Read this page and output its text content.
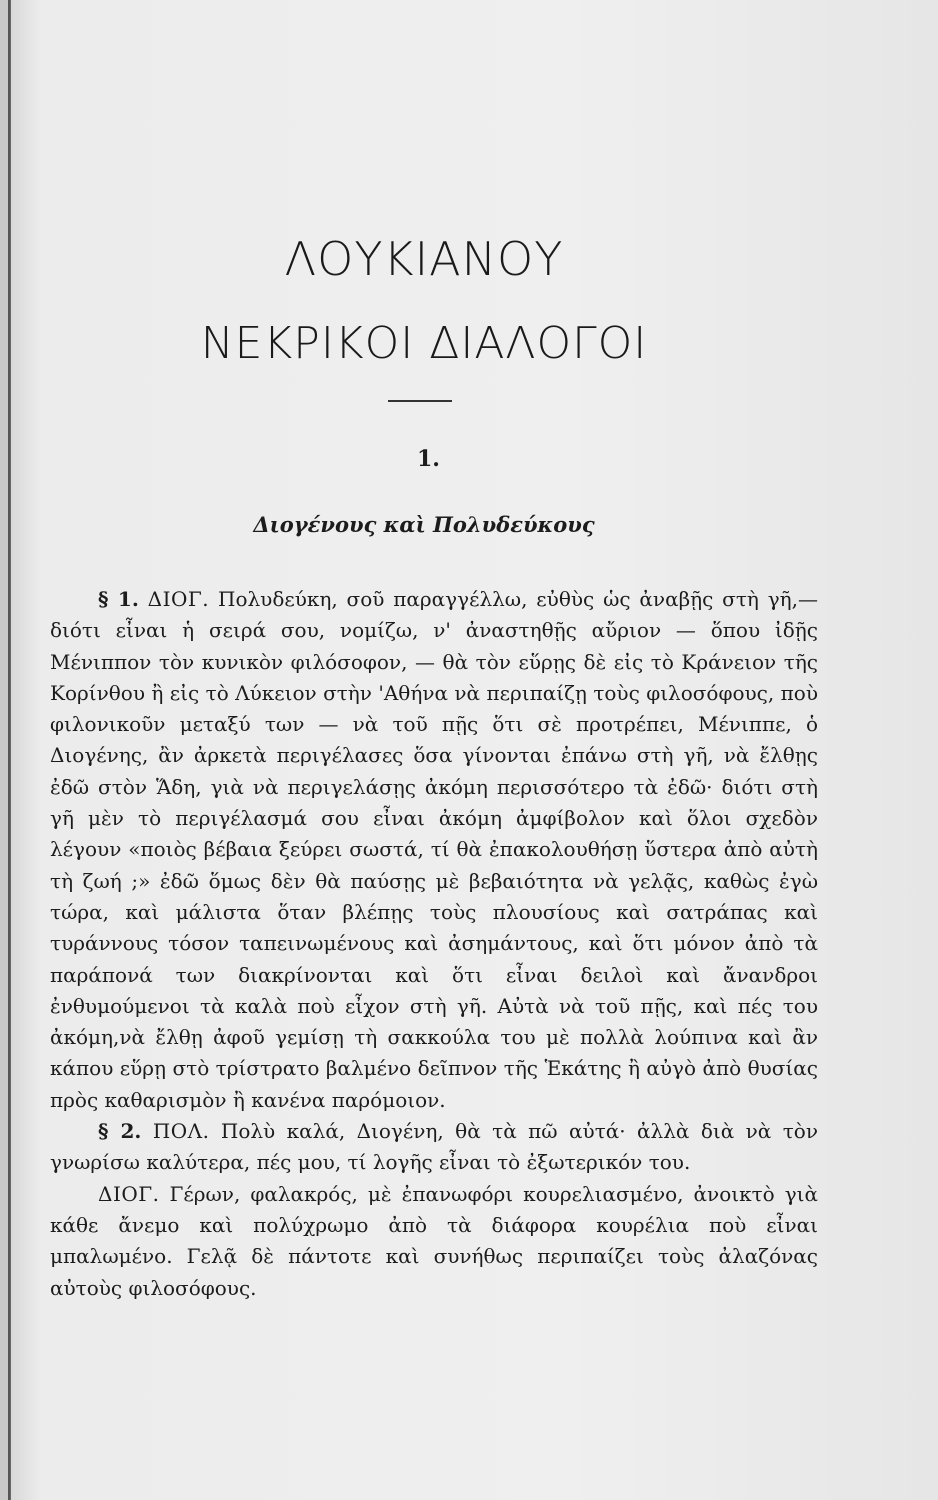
ΛΟΥΚΙΑΝΟΥ
ΝΕΚΡΙΚΟΙ ΔΙΑΛΟΓΟΙ
1.
Διογένους καὶ Πολυδεύκους

§ 1. ΔΙΟΓ. Πολυδεύκη, σοῦ παραγγέλλω, εὐθὺς ὡς ἀναβῇς στὴ γῆ,—διότι εἶναι ἡ σειρά σου, νομίζω, ν' ἀναστηθῇς αὔριον — ὅπου ἰδῇς Μένιππον τὸν κυνικὸν φιλόσοφον, — θὰ τὸν εὕρῃς δὲ εἰς τὸ Κράνειον τῆς Κορίνθου ἢ εἰς τὸ Λύκειον στὴν 'Αθήνα νὰ περιπαίζῃ τοὺς φιλοσόφους, ποὺ φιλονικοῦν μεταξύ των — νὰ τοῦ πῇς ὅτι σὲ προτρέπει, Μένιππε, ὁ Διογένης, ἂν ἀρκετὰ περιγέλασες ὅσα γίνονται ἐπάνω στὴ γῆ, νὰ ἔλθῃς ἐδῶ στὸν Ἅδη, γιὰ νὰ περιγελάσῃς ἀκόμη περισσότερο τὰ ἐδῶ· διότι στὴ γῆ μὲν τὸ περιγέλασμά σου εἶναι ἀκόμη ἀμφίβολον καὶ ὅλοι σχεδὸν λέγουν «ποιὸς βέβαια ξεύρει σωστά, τί θὰ ἐπακολουθήσῃ ὕστερα ἀπὸ αὐτὴ τὴ ζωή ;» ἐδῶ ὅμως δὲν θὰ παύσῃς μὲ βεβαιότητα νὰ γελᾷς, καθὼς ἐγὼ τώρα, καὶ μάλιστα ὅταν βλέπῃς τοὺς πλουσίους καὶ σατράπας καὶ τυράννους τόσον ταπεινωμένους καὶ ἀσημάντους, καὶ ὅτι μόνον ἀπὸ τὰ παράπονά των διακρίνονται καὶ ὅτι εἶναι δειλοὶ καὶ ἄνανδροι ἐνθυμούμενοι τὰ καλὰ ποὺ εἶχον στὴ γῆ. Αὐτὰ νὰ τοῦ πῇς, καὶ πές του ἀκόμη,νὰ ἔλθῃ ἀφοῦ γεμίσῃ τὴ σακκούλα του μὲ πολλὰ λούπινα καὶ ἂν κάπου εὕρῃ στὸ τρίστρατο βαλμένο δεῖπνον τῆς Ἑκάτης ἢ αὐγὸ ἀπὸ θυσίας πρὸς καθαρισμὸν ἢ κανένα παρόμοιον.

§ 2. ΠΟΛ. Πολὺ καλά, Διογένη, θὰ τὰ πῶ αὐτά· ἀλλὰ διὰ νὰ τὸν γνωρίσω καλύτερα, πές μου, τί λογῆς εἶναι τὸ ἐξωτερικόν του.

ΔΙΟΓ. Γέρων, φαλακρός, μὲ ἐπανωφόρι κουρελιασμένο, ἀνοικτὸ γιὰ κάθε ἄνεμο καὶ πολύχρωμο ἀπὸ τὰ διάφορα κουρέλια ποὺ εἶναι μπαλωμένο. Γελᾷ δὲ πάντοτε καὶ συνήθως περιπαίζει τοὺς ἀλαζόνας αὐτοὺς φιλοσόφους.
